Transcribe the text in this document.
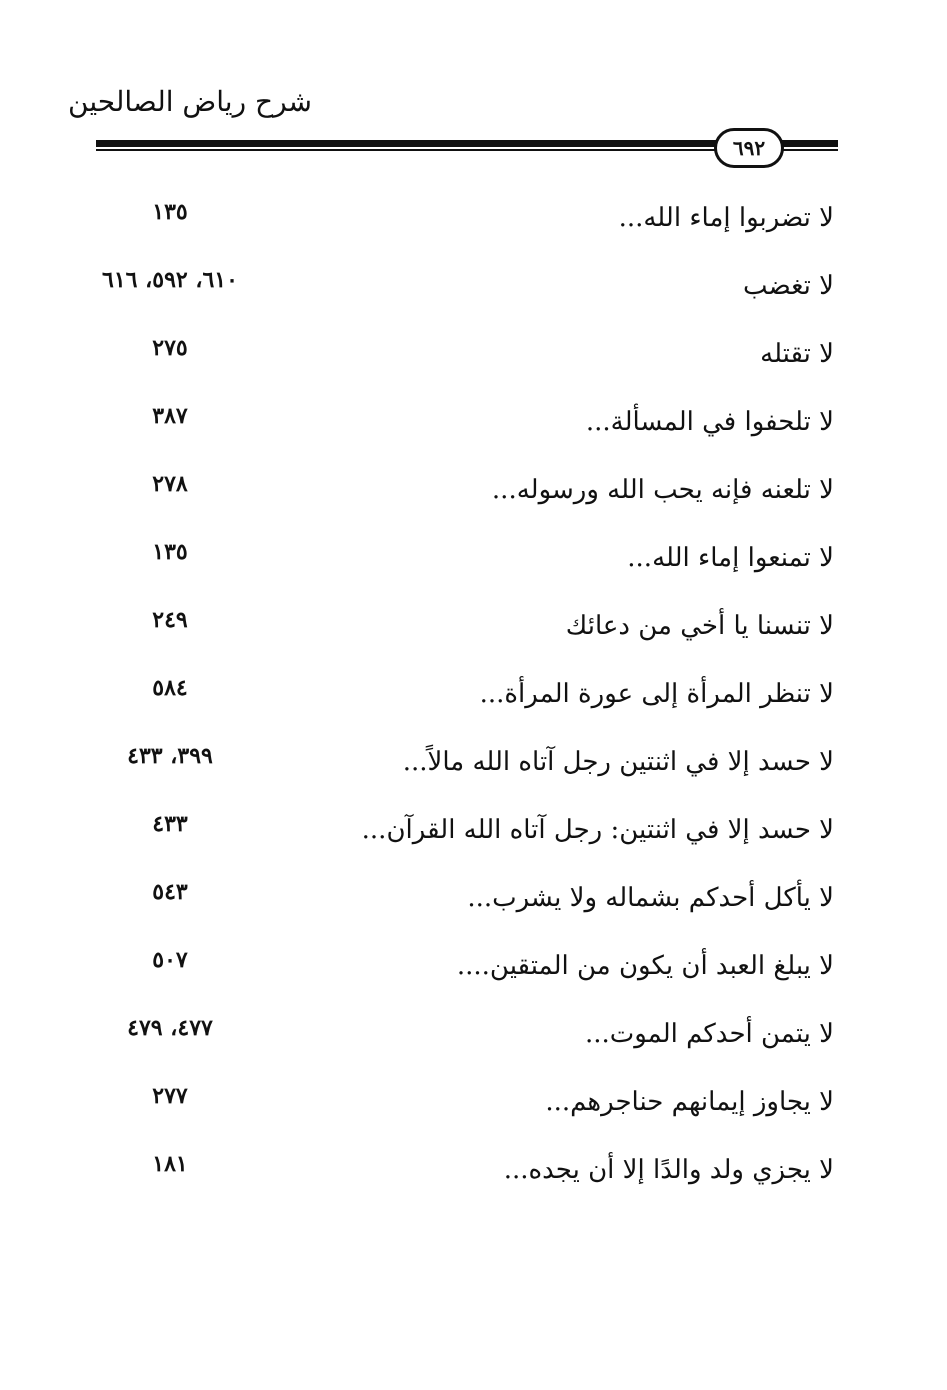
شرح رياض الصالحين
٦٩٢
لا تضربوا إماء الله...
١٣٥
لا تغضب
٦١٠، ٥٩٢، ٦١٦
لا تقتله
٢٧٥
لا تلحفوا في المسألة...
٣٨٧
لا تلعنه فإنه يحب الله ورسوله...
٢٧٨
لا تمنعوا إماء الله...
١٣٥
لا تنسنا يا أخي من دعائك
٢٤٩
لا تنظر المرأة إلى عورة المرأة...
٥٨٤
لا حسد إلا في اثنتين رجل آتاه الله مالاً...
٣٩٩، ٤٣٣
لا حسد إلا في اثنتين: رجل آتاه الله القرآن...
٤٣٣
لا يأكل أحدكم بشماله ولا يشرب...
٥٤٣
لا يبلغ العبد أن يكون من المتقين....
٥٠٧
لا يتمن أحدكم الموت...
٤٧٧، ٤٧٩
لا يجاوز إيمانهم حناجرهم...
٢٧٧
لا يجزي ولد والدًا إلا أن يجده...
١٨١
